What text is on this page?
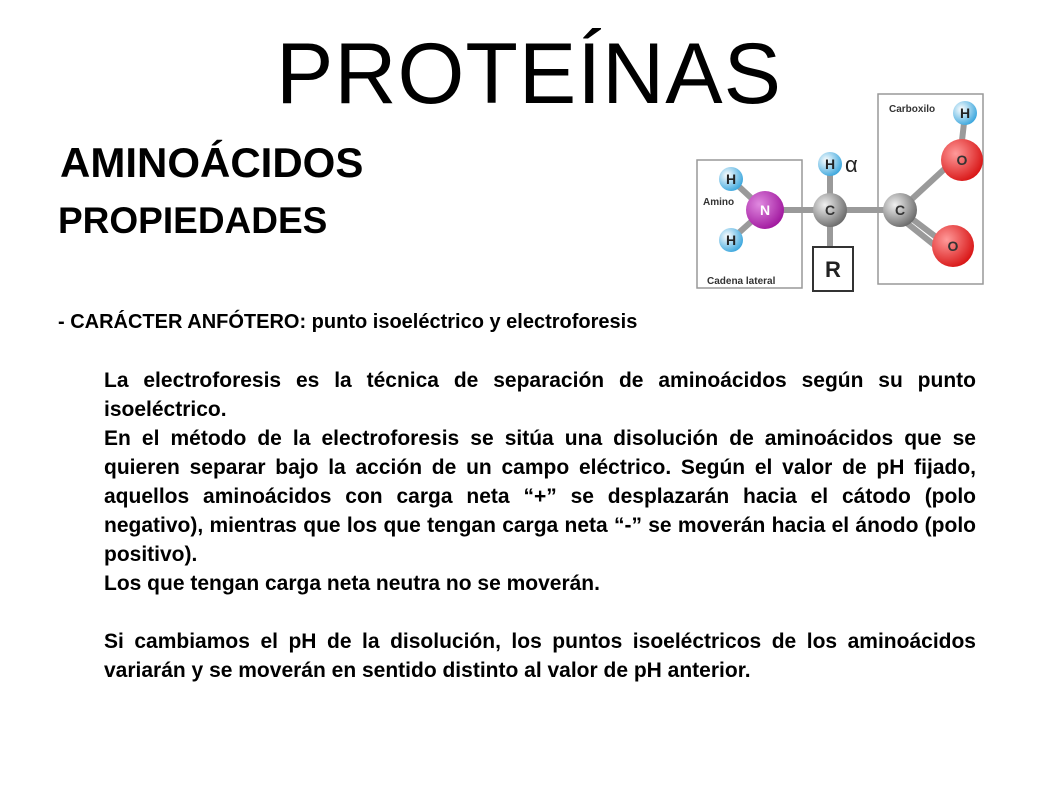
PROTEÍNAS
AMINOÁCIDOS
PROPIEDADES
- CARÁCTER ANFÓTERO: punto isoeléctrico y electroforesis

La electroforesis es la técnica de separación de aminoácidos según su punto isoeléctrico.

En el método de la electroforesis se sitúa una disolución de aminoácidos que se quieren separar bajo la acción de un campo eléctrico. Según el valor de pH fijado, aquellos aminoácidos con carga neta “+” se desplazarán hacia el cátodo (polo negativo), mientras que los que tengan carga neta “-” se moverán hacia el ánodo (polo positivo).

Los que tengan carga neta neutra no se moverán.

Si cambiamos el pH de la disolución, los puntos isoeléctricos de los aminoácidos variarán y se moverán en sentido distinto al valor de pH anterior.

R
H
H
N	C
H α
C
O
O
H
Carboxilo
Amino
Cadena lateral
